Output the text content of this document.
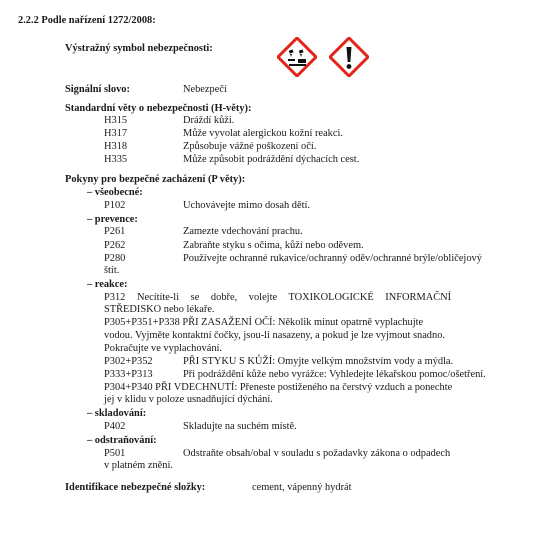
2.2.2 Podle nařízení 1272/2008:
Výstražný symbol nebezpečnosti:
Signální slovo:	Nebezpečí
Standardní věty o nebezpečnosti (H-věty):
H315	Dráždí kůži.
H317	Může vyvolat alergickou kožní reakci.
H318	Způsobuje vážné poškození očí.
H335	Může způsobit podráždění dýchacích cest.
Pokyny pro bezpečné zacházení (P věty):
– všeobecné:
P102	Uchovávejte mimo dosah dětí.
– prevence:
P261	Zamezte vdechování prachu.
P262	Zabraňte styku s očima, kůží nebo oděvem.
P280	Používejte ochranné rukavice/ochranný oděv/ochranné brýle/obličejový
štít.
– reakce:
P312 Necítíte-li se dobře, volejte TOXIKOLOGICKÉ INFORMAČNÍ
STŘEDISKO nebo lékaře.
P305+P351+P338 PŘI ZASAŽENÍ OČÍ: Několik minut opatrně vyplachujte
vodou. Vyjměte kontaktní čočky, jsou-li nasazeny, a pokud je lze vyjmout snadno.
Pokračujte ve vyplachování.
P302+P352	PŘI STYKU S KŮŽÍ: Omyjte velkým množstvím vody a mýdla.
P333+P313	Při podráždění kůže nebo vyrážce: Vyhledejte lékařskou pomoc/ošetření.
P304+P340 PŘI VDECHNUTÍ: Přeneste postiženého na čerstvý vzduch a ponechte
jej v klidu v poloze usnadňující dýchání.
– skladování:
P402	Skladujte na suchém místě.
– odstraňování:
P501	Odstraňte obsah/obal v souladu s požadavky zákona o odpadech
v platném znění.
Identifikace nebezpečné složky:	cement, vápenný hydrát
